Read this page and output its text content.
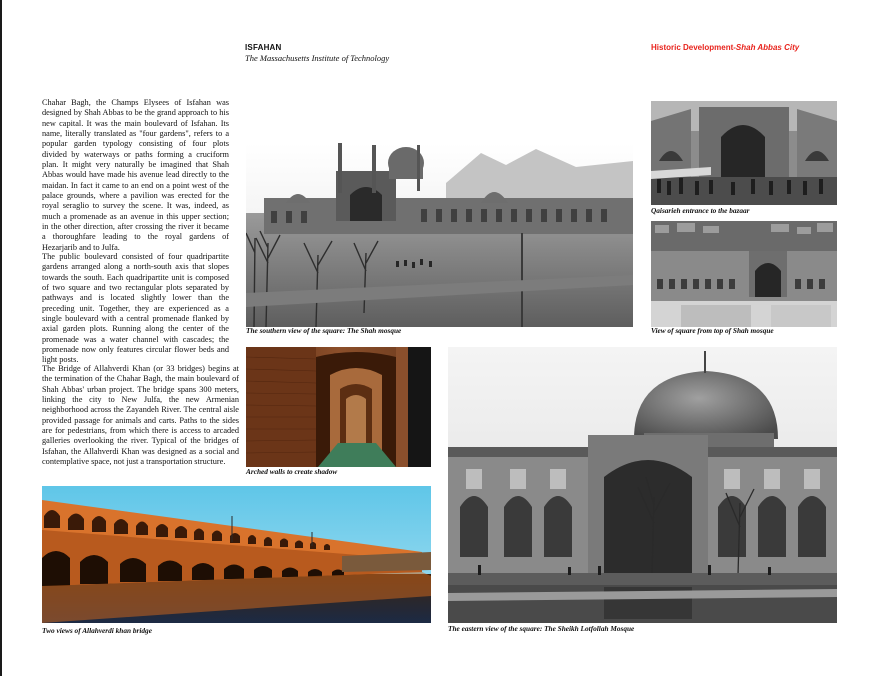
ISFAHAN
The Massachusetts Institute of Technology
Historic Development-Shah Abbas City

Chahar Bagh, the Champs Elysees of Isfahan was designed by Shah Abbas to be the grand approach to his new capital. It was the main boulevard of Isfahan. Its name, literally translated as "four gardens", refers to a popular garden typology consisting of four plots divided by waterways or paths forming a cruciform plan. It might very naturally be imagined that Shah Abbas would have made his avenue lead directly to the maidan. In fact it came to an end on a point west of the palace grounds, where a pavilion was erected for the royal seraglio to survey the scene. It was, indeed, as much a promenade as an avenue in this upper section; in the other direction, after crossing the river it became a thoroughfare leading to the royal gardens of Hezarjarib and to Julfa.

The public boulevard consisted of four quadripartite gardens arranged along a north-south axis that slopes towards the south. Each quadripartite unit is composed of two square and two rectangular plots separated by pathways and is located slightly lower than the preceding unit. Together, they are experienced as a single boulevard with a central promenade flanked by axial garden plots. Running along the center of the promenade was a water channel with cascades; the promenade now only features circular flower beds and light posts.

The Bridge of Allahverdi Khan (or 33 bridges) begins at the termination of the Chahar Bagh, the main boulevard of Shah Abbas' urban project. The bridge spans 300 meters, linking the city to New Julfa, the new Armenian neighborhood across the Zayandeh River. The central aisle provided passage for animals and carts. Paths to the sides are for pedestrians, from which there is access to arcaded galleries overlooking the river. Typical of the bridges of Isfahan, the Allahverdi Khan was designed as a social and contemplative space, not just a transportation structure.

The southern view of the square: The Shah mosque
Qaisarieh entrance to the bazaar
View of square from top of Shah mosque
Arched walls to create shadow
Two views of Allahverdi khan bridge	The eastern view of the square: The Sheikh Lotfollah Mosque
